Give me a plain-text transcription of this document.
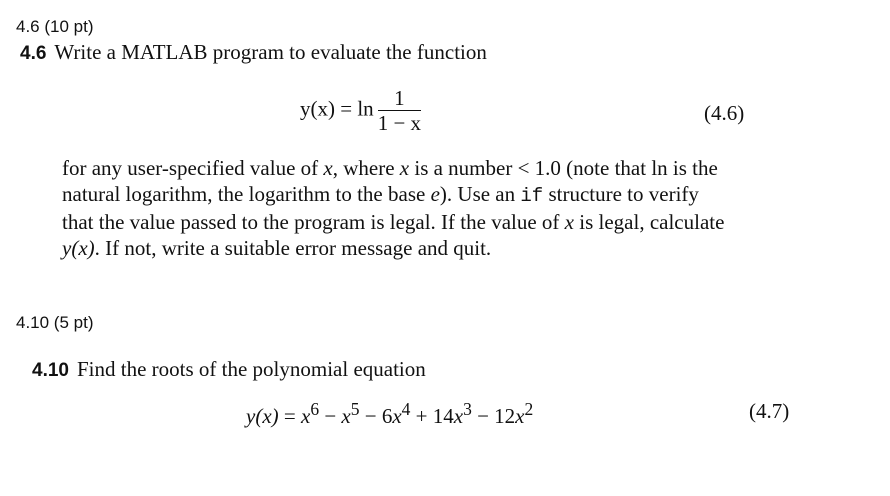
4.6 (10 pt)
4.6 Write a MATLAB program to evaluate the function
$y(x) = \ln \frac{1}{1 - x}$	(4.6)
for any user-specified value of x, where x is a number < 1.0 (note that ln is the
natural logarithm, the logarithm to the base e). Use an if structure to verify
that the value passed to the program is legal. If the value of x is legal, calculate
y(x). If not, write a suitable error message and quit.
4.10 (5 pt)
4.10 Find the roots of the polynomial equation
$y(x) = x^6 - x^5 - 6x^4 + 14x^3 - 12x^2$	(4.7)
